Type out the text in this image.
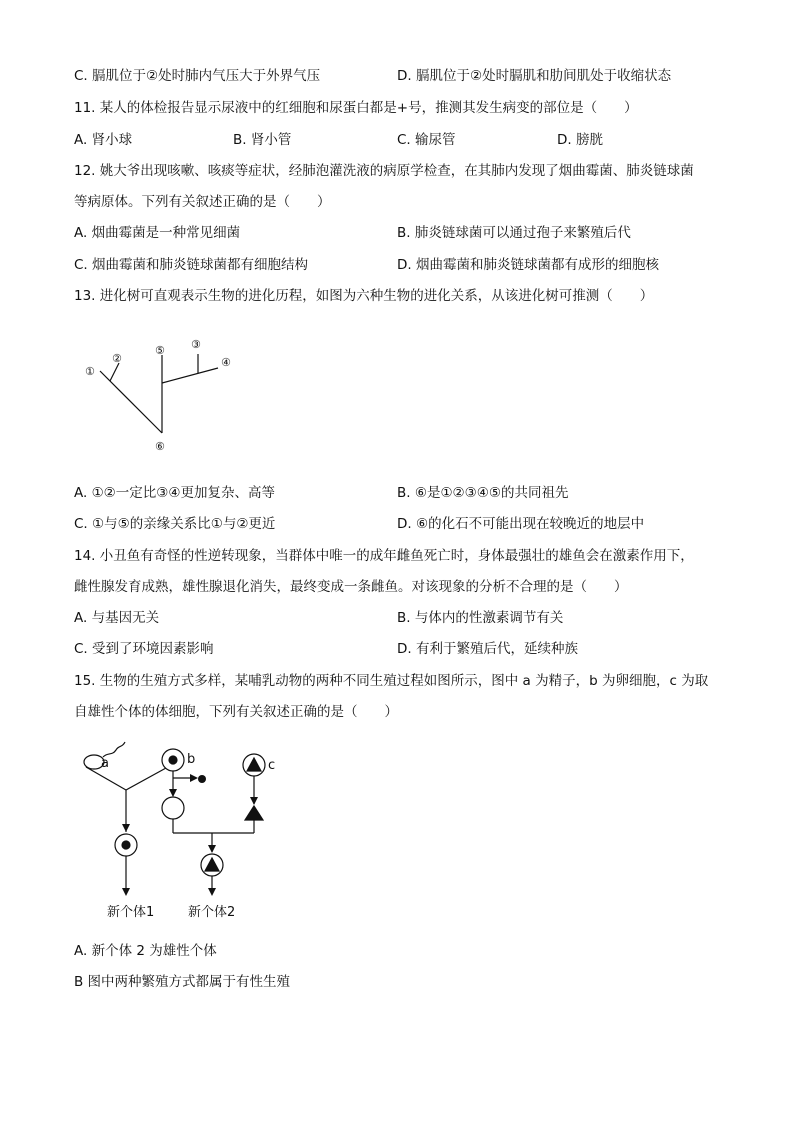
C. 膈肌位于②处时肺内气压大于外界气压	D. 膈肌位于②处时膈肌和肋间肌处于收缩状态
11. 某人的体检报告显示尿液中的红细胞和尿蛋白都是+号，推测其发生病变的部位是（　　）
A. 肾小球	B. 肾小管	C. 输尿管	D. 膀胱
12. 姚大爷出现咳嗽、咳痰等症状，经肺泡灌洗液的病原学检查，在其肺内发现了烟曲霉菌、肺炎链球菌
等病原体。下列有关叙述正确的是（　　）
A. 烟曲霉菌是一种常见细菌	B. 肺炎链球菌可以通过孢子来繁殖后代
C. 烟曲霉菌和肺炎链球菌都有细胞结构	D. 烟曲霉菌和肺炎链球菌都有成形的细胞核
13. 进化树可直观表示生物的进化历程，如图为六种生物的进化关系，从该进化树可推测（　　）
①
②
⑤ ③
④
⑥
a	b	c
新个体1	新个体2
A. ①②一定比③④更加复杂、高等	B. ⑥是①②③④⑤的共同祖先
C. ①与⑤的亲缘关系比①与②更近	D. ⑥的化石不可能出现在较晚近的地层中
14. 小丑鱼有奇怪的性逆转现象，当群体中唯一的成年雌鱼死亡时，身体最强壮的雄鱼会在激素作用下，
雌性腺发育成熟，雄性腺退化消失，最终变成一条雌鱼。对该现象的分析不合理的是（　　）
A. 与基因无关	B. 与体内的性激素调节有关
C. 受到了环境因素影响	D. 有利于繁殖后代，延续种族
15. 生物的生殖方式多样，某哺乳动物的两种不同生殖过程如图所示，图中 a 为精子，b 为卵细胞，c 为取
自雄性个体的体细胞，下列有关叙述正确的是（　　）
A. 新个体 2 为雄性个体
B 图中两种繁殖方式都属于有性生殖
